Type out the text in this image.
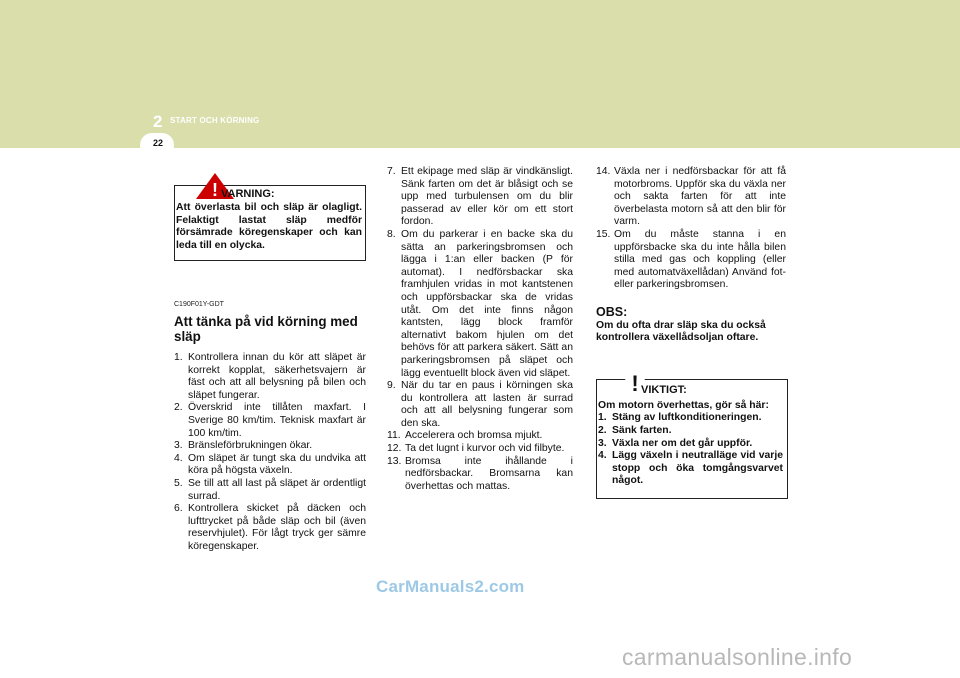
2 START OCH KÖRNING
22
! VARNING:
Att överlasta bil och släp är olagligt. Felaktigt lastat släp medför försämrade köregenskaper och kan leda till en olycka.
C190F01Y-GDT
Att tänka på vid körning med släp
1. Kontrollera innan du kör att släpet är korrekt kopplat, säkerhetsvajern är fäst och att all belysning på bilen och släpet fungerar.
2. Överskrid inte tillåten maxfart. I Sverige 80 km/tim. Teknisk maxfart är 100 km/tim.
3. Bränsleförbrukningen ökar.
4. Om släpet är tungt ska du undvika att köra på högsta växeln.
5. Se till att all last på släpet är ordentligt surrad.
6. Kontrollera skicket på däcken och lufttrycket på både släp och bil (även reservhjulet). För lågt tryck ger sämre köregenskaper.
7. Ett ekipage med släp är vindkänsligt. Sänk farten om det är blåsigt och se upp med turbulensen om du blir passerad av eller kör om ett stort fordon.
8. Om du parkerar i en backe ska du sätta an parkeringsbromsen och lägga i 1:an eller backen (P för automat). I nedförsbackar ska framhjulen vridas in mot kantstenen och uppförsbackar ska de vridas utåt. Om det inte finns någon kantsten, lägg block framför alternativt bakom hjulen om det behövs för att parkera säkert. Sätt an parkeringsbromsen på släpet och lägg eventuellt block även vid släpet.
9. När du tar en paus i körningen ska du kontrollera att lasten är surrad och att all belysning fungerar som den ska.
11. Accelerera och bromsa mjukt.
12. Ta det lugnt i kurvor och vid filbyte.
13. Bromsa inte ihållande i nedförsbackar. Bromsarna kan överhettas och mattas.
14. Växla ner i nedförsbackar för att få motorbroms. Uppför ska du växla ner och sakta farten för att inte överbelasta motorn så att den blir för varm.
15. Om du måste stanna i en uppförsbacke ska du inte hålla bilen stilla med gas och koppling (eller med automatväxellådan) Använd fot- eller parkeringsbromsen.
OBS:
Om du ofta drar släp ska du också kontrollera växellådsoljan oftare.
! VIKTIGT:
Om motorn överhettas, gör så här:
1. Stäng av luftkonditioneringen.
2. Sänk farten.
3. Växla ner om det går uppför.
4. Lägg växeln i neutralläge vid varje stopp och öka tomgångsvarvet något.
CarManuals2.com
carmanualsonline.info
